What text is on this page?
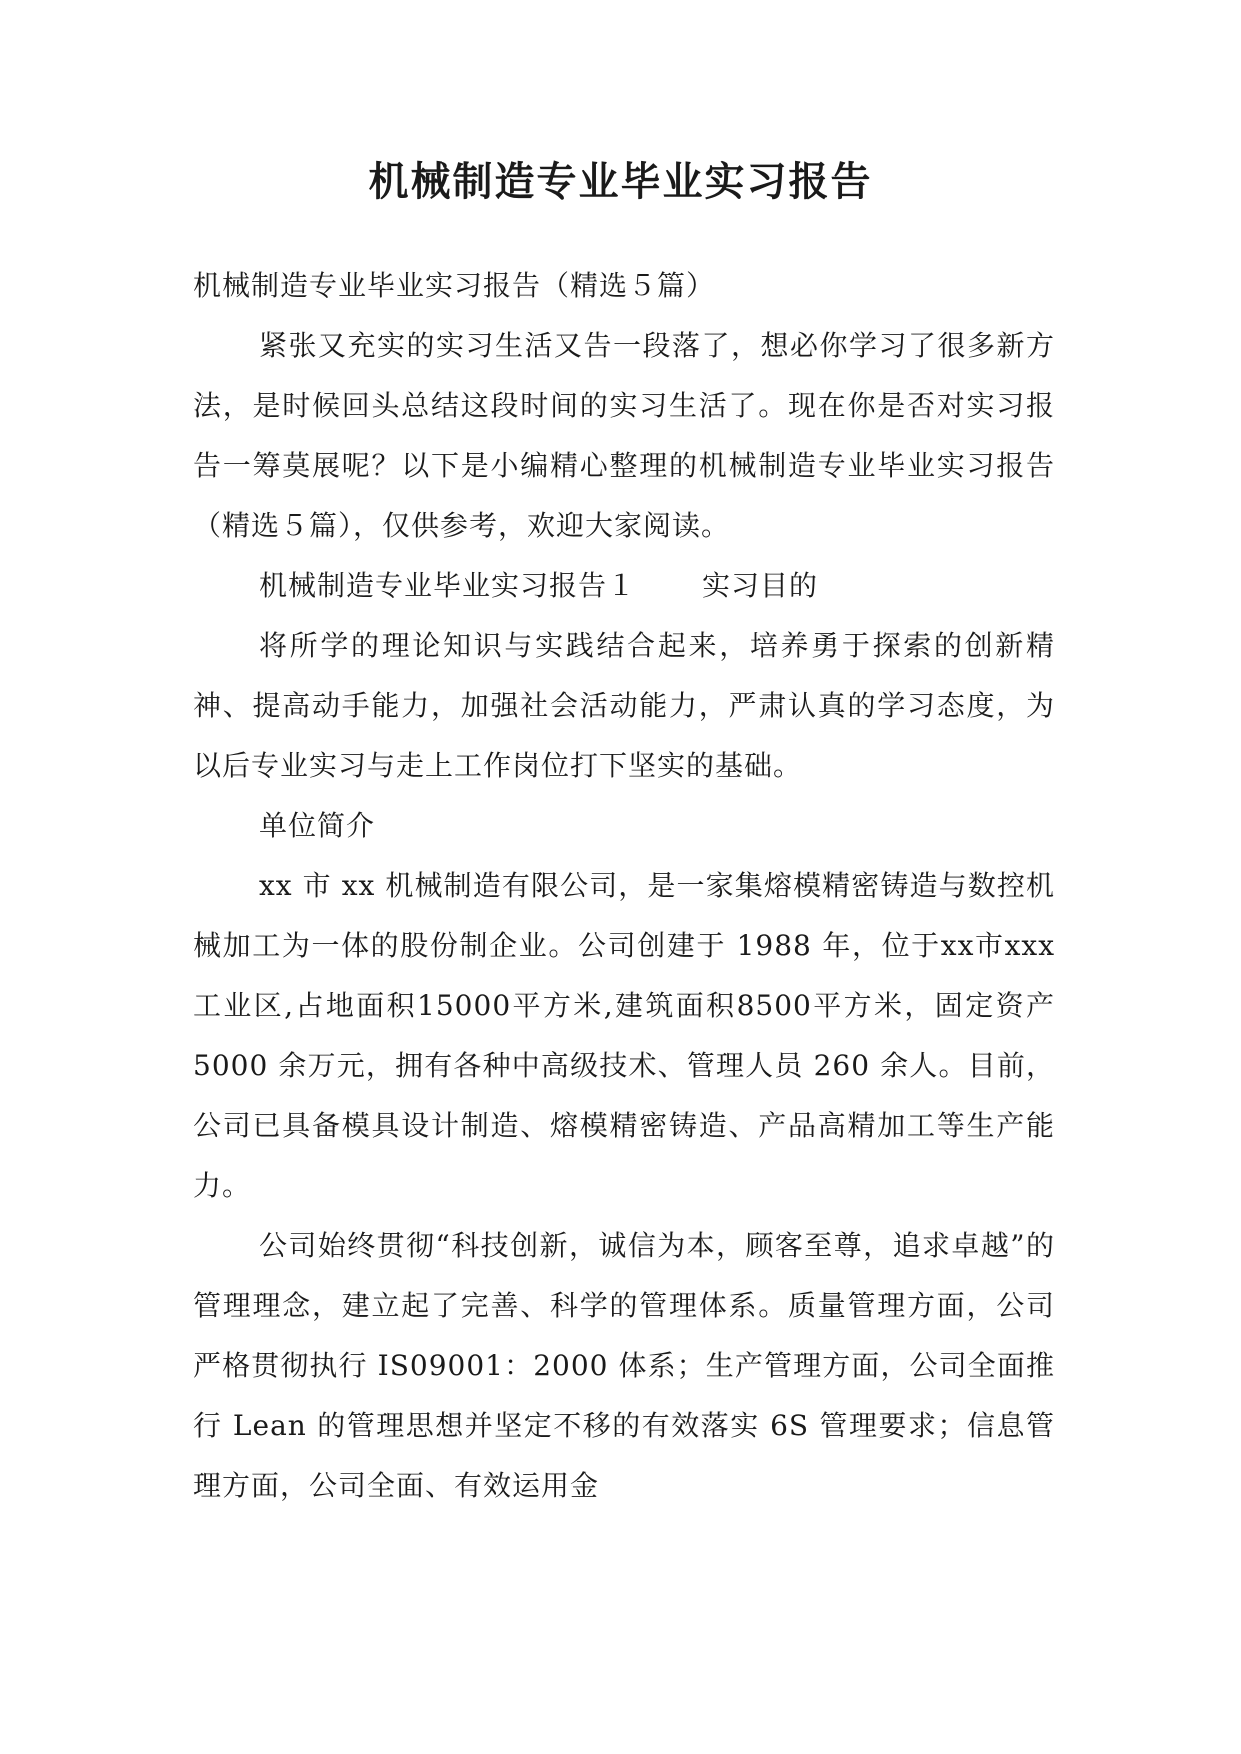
机械制造专业毕业实习报告

机械制造专业毕业实习报告（精选５篇）

紧张又充实的实习生活又告一段落了，想必你学习了很多新方法，是时候回头总结这段时间的实习生活了。现在你是否对实习报告一筹莫展呢？以下是小编精心整理的机械制造专业毕业实习报告（精选５篇），仅供参考，欢迎大家阅读。

机械制造专业毕业实习报告１ 实习目的

将所学的理论知识与实践结合起来，培养勇于探索的创新精神、提高动手能力，加强社会活动能力，严肃认真的学习态度，为以后专业实习与走上工作岗位打下坚实的基础。

单位简介

xx 市 xx 机械制造有限公司，是一家集熔模精密铸造与数控机械加工为一体的股份制企业。公司创建于 1988 年，位于xx市xxx工业区,占地面积15000平方米,建筑面积8500平方米，固定资产 5000 余万元，拥有各种中高级技术、管理人员 260 余人。目前，公司已具备模具设计制造、熔模精密铸造、产品高精加工等生产能力。

公司始终贯彻“科技创新，诚信为本，顾客至尊，追求卓越”的管理理念，建立起了完善、科学的管理体系。质量管理方面，公司严格贯彻执行 IS09001：2000 体系；生产管理方面，公司全面推行 Lean 的管理思想并坚定不移的有效落实 6S 管理要求；信息管理方面，公司全面、有效运用金
